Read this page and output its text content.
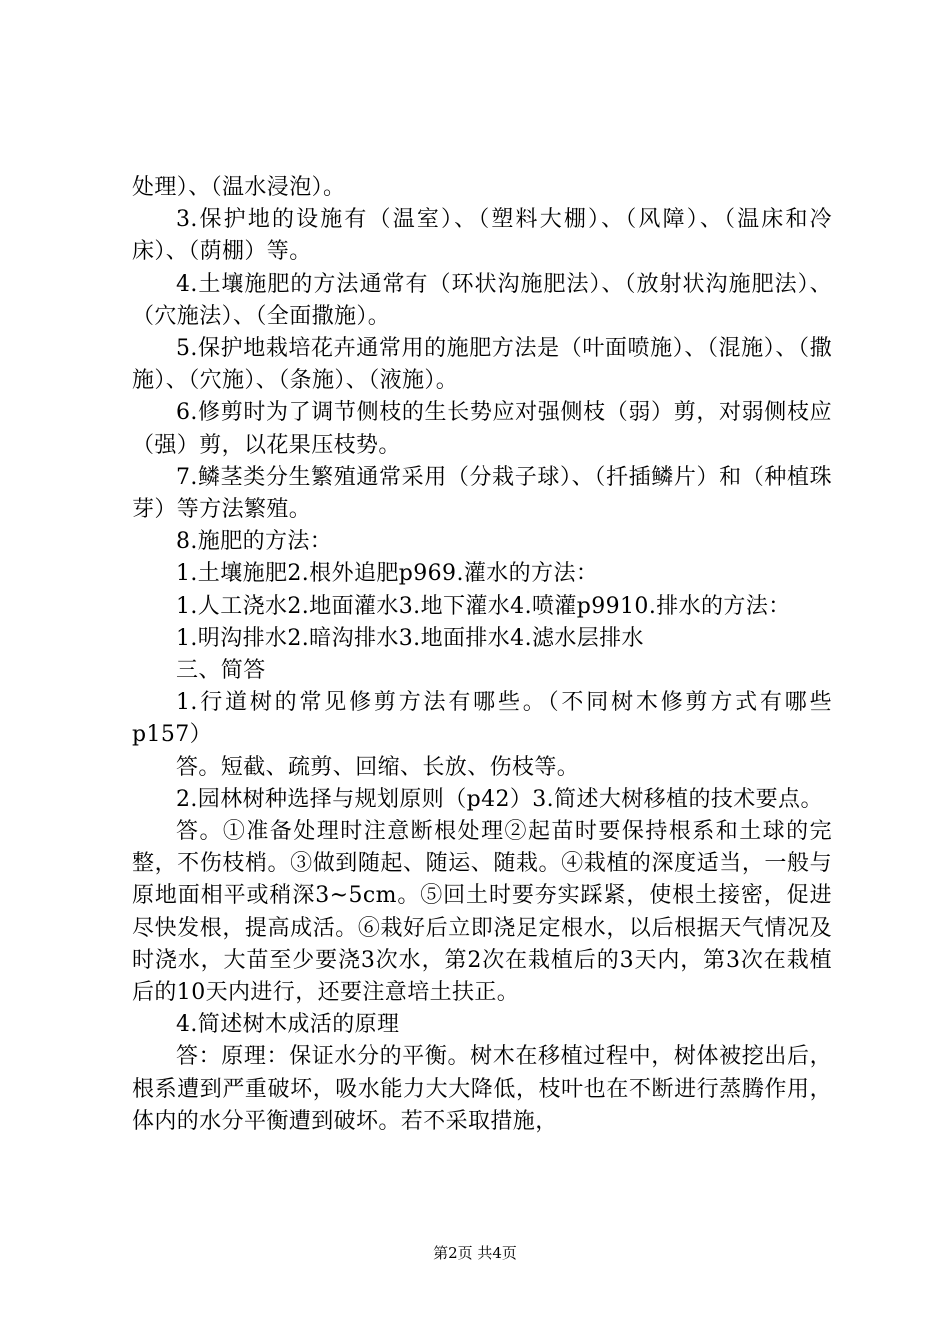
处理）、（温水浸泡）。

3.保护地的设施有（温室）、（塑料大棚）、（风障）、（温床和冷床）、（荫棚）等。

4.土壤施肥的方法通常有（环状沟施肥法）、（放射状沟施肥法）、（穴施法）、（全面撒施）。

5.保护地栽培花卉通常用的施肥方法是（叶面喷施）、（混施）、（撒施）、（穴施）、（条施）、（液施）。

6.修剪时为了调节侧枝的生长势应对强侧枝（弱）剪，对弱侧枝应（强）剪，以花果压枝势。

7.鳞茎类分生繁殖通常采用（分栽子球）、（扦插鳞片）和（种植珠芽）等方法繁殖。

8.施肥的方法：

1.土壤施肥2.根外追肥p969.灌水的方法：

1.人工浇水2.地面灌水3.地下灌水4.喷灌p9910.排水的方法：

1.明沟排水2.暗沟排水3.地面排水4.滤水层排水

三、简答

1.行道树的常见修剪方法有哪些。（不同树木修剪方式有哪些p157）

答。短截、疏剪、回缩、长放、伤枝等。

2.园林树种选择与规划原则（p42）3.简述大树移植的技术要点。

答。①准备处理时注意断根处理②起苗时要保持根系和土球的完整，不伤枝梢。③做到随起、随运、随栽。④栽植的深度适当，一般与原地面相平或稍深3~5cm。⑤回土时要夯实踩紧，使根土接密，促进尽快发根，提高成活。⑥栽好后立即浇足定根水，以后根据天气情况及时浇水，大苗至少要浇3次水，第2次在栽植后的3天内，第3次在栽植后的10天内进行，还要注意培土扶正。

4.简述树木成活的原理

答：原理：保证水分的平衡。树木在移植过程中，树体被挖出后，根系遭到严重破坏，吸水能力大大降低，枝叶也在不断进行蒸腾作用，体内的水分平衡遭到破坏。若不采取措施，

第2页 共4页
